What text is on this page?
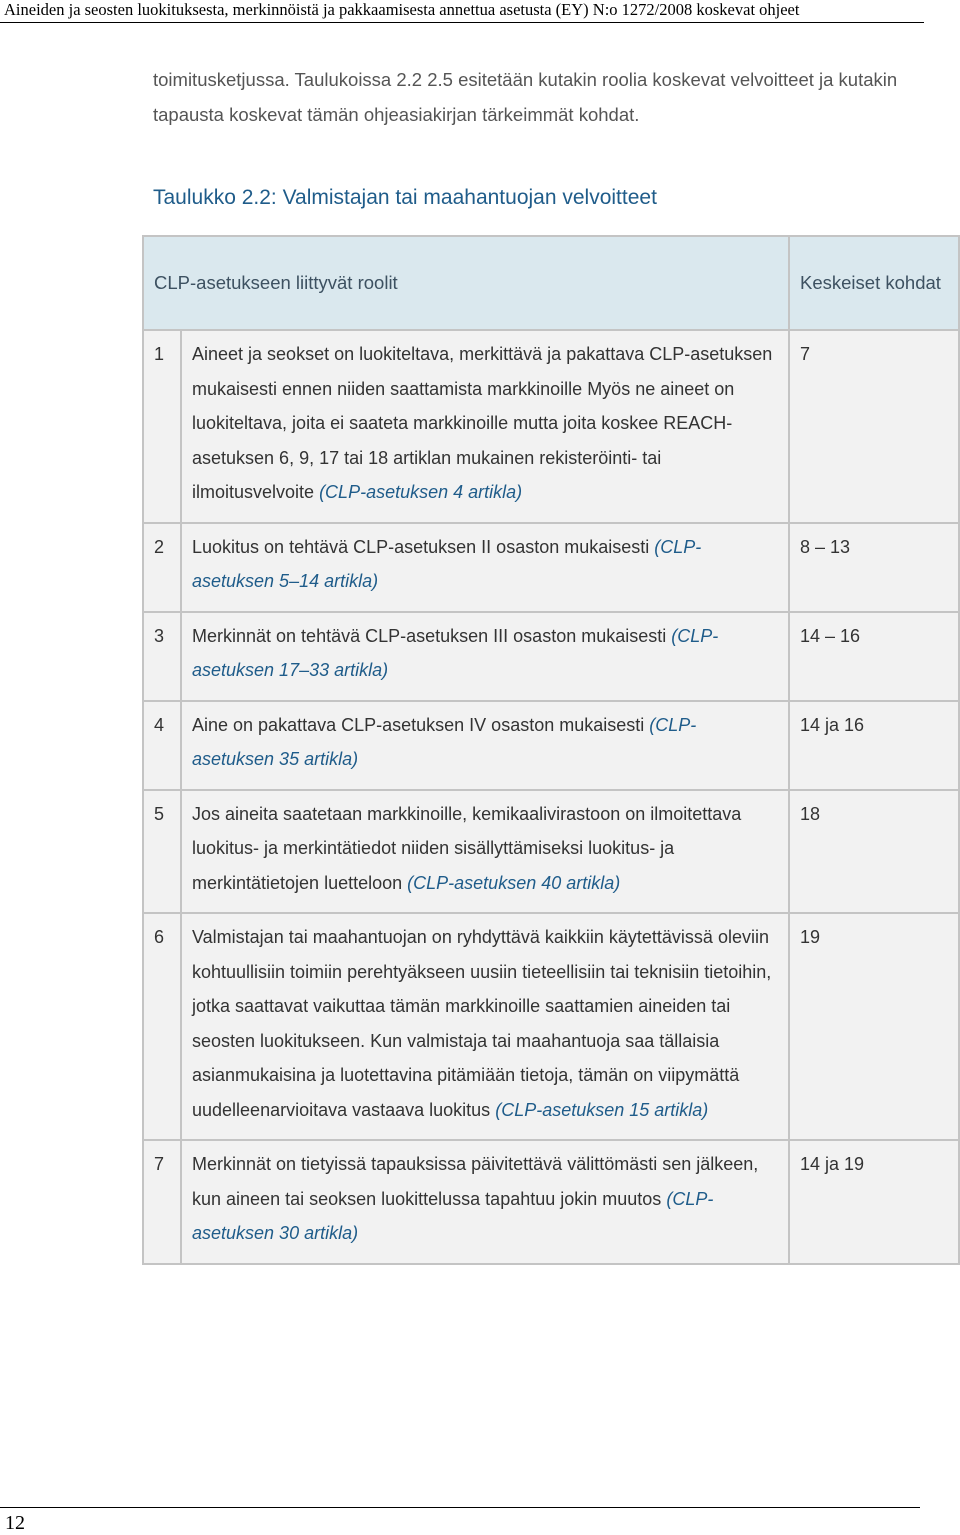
Aineiden ja seosten luokituksesta, merkinnöistä ja pakkaamisesta annettua asetusta (EY) N:o 1272/2008 koskevat ohjeet
toimitusketjussa. Taulukoissa 2.2 2.5 esitetään kutakin roolia koskevat velvoitteet ja kutakin tapausta koskevat tämän ohjeasiakirjan tärkeimmät kohdat.
Taulukko 2.2: Valmistajan tai maahantuojan velvoitteet
CLP-asetukseen liittyvät roolit		Keskeiset kohdat
1	Aineet ja seokset on luokiteltava, merkittävä ja pakattava CLP-asetuksen mukaisesti ennen niiden saattamista markkinoille Myös ne aineet on luokiteltava, joita ei saateta markkinoille mutta joita koskee REACH-asetuksen 6, 9, 17 tai 18 artiklan mukainen rekisteröinti- tai ilmoitusvelvoite (CLP-asetuksen 4 artikla)	7
2	Luokitus on tehtävä CLP-asetuksen II osaston mukaisesti (CLP-asetuksen 5–14 artikla)	8 – 13
3	Merkinnät on tehtävä CLP-asetuksen III osaston mukaisesti (CLP-asetuksen 17–33 artikla)	14 – 16
4	Aine on pakattava CLP-asetuksen IV osaston mukaisesti (CLP-asetuksen 35 artikla)	14 ja 16
5	Jos aineita saatetaan markkinoille, kemikaalivirastoon on ilmoitettava luokitus- ja merkintätiedot niiden sisällyttämiseksi luokitus- ja merkintätietojen luetteloon (CLP-asetuksen 40 artikla)	18
6	Valmistajan tai maahantuojan on ryhdyttävä kaikkiin käytettävissä oleviin kohtuullisiin toimiin perehtyäkseen uusiin tieteellisiin tai teknisiin tietoihin, jotka saattavat vaikuttaa tämän markkinoille saattamien aineiden tai seosten luokitukseen. Kun valmistaja tai maahantuoja saa tällaisia asianmukaisina ja luotettavina pitämiään tietoja, tämän on viipymättä uudelleenarvioitava vastaava luokitus (CLP-asetuksen 15 artikla)	19
7	Merkinnät on tietyissä tapauksissa päivitettävä välittömästi sen jälkeen, kun aineen tai seoksen luokittelussa tapahtuu jokin muutos (CLP-asetuksen 30 artikla)	14 ja 19
12
